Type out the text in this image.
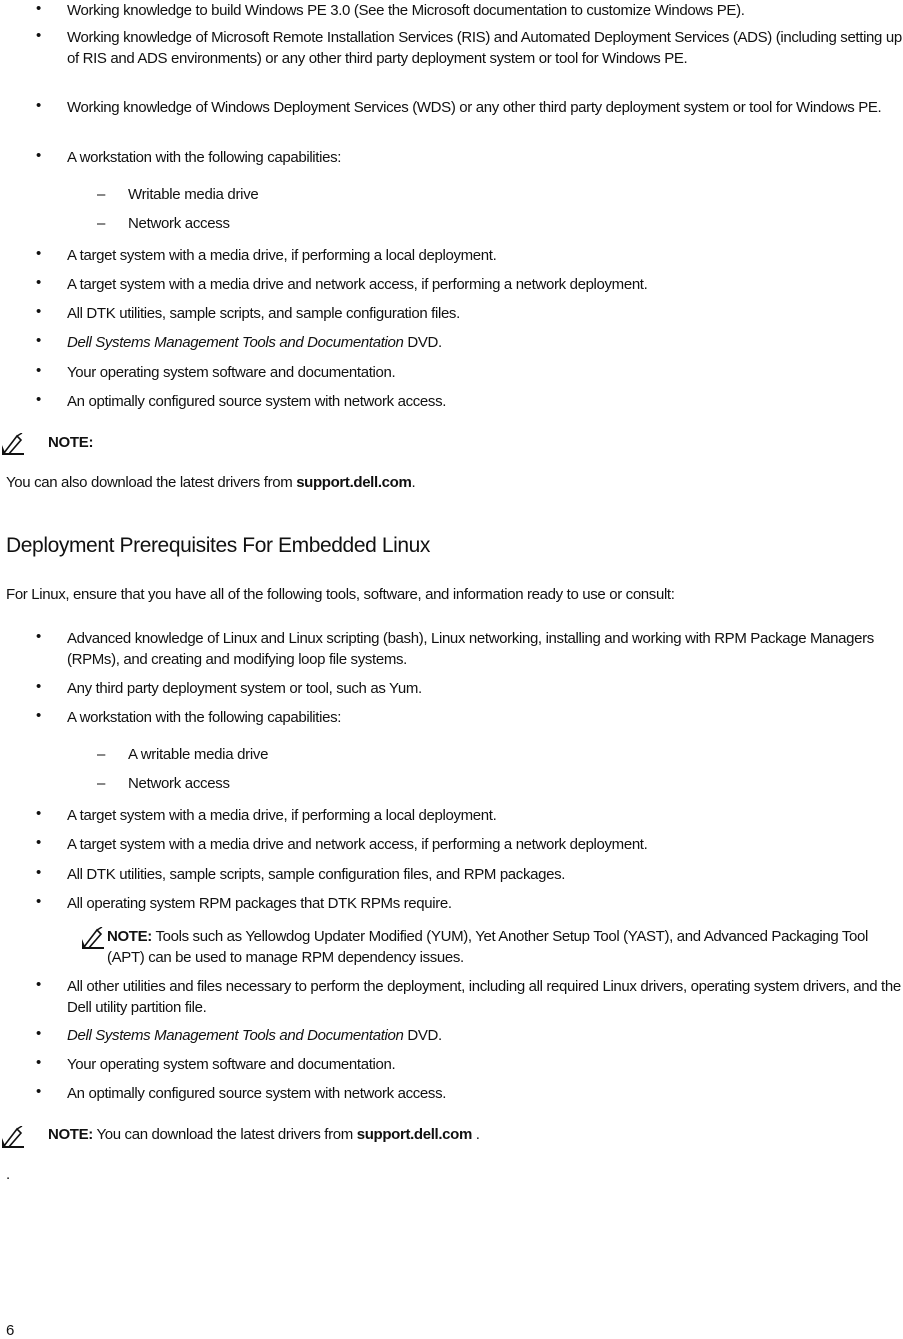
• Working knowledge to build Windows PE 3.0 (See the Microsoft documentation to customize Windows PE).
• Working knowledge of Microsoft Remote Installation Services (RIS) and Automated Deployment Services (ADS) (including setting up of RIS and ADS environments) or any other third party deployment system or tool for Windows PE.
• Working knowledge of Windows Deployment Services (WDS) or any other third party deployment system or tool for Windows PE.
• A workstation with the following capabilities:
– Writable media drive
– Network access
• A target system with a media drive, if performing a local deployment.
• A target system with a media drive and network access, if performing a network deployment.
• All DTK utilities, sample scripts, and sample configuration files.
• Dell Systems Management Tools and Documentation DVD.
• Your operating system software and documentation.
• An optimally configured source system with network access.
NOTE:
You can also download the latest drivers from support.dell.com.
Deployment Prerequisites For Embedded Linux
For Linux, ensure that you have all of the following tools, software, and information ready to use or consult:
• Advanced knowledge of Linux and Linux scripting (bash), Linux networking, installing and working with RPM Package Managers (RPMs), and creating and modifying loop file systems.
• Any third party deployment system or tool, such as Yum.
• A workstation with the following capabilities:
– A writable media drive
– Network access
• A target system with a media drive, if performing a local deployment.
• A target system with a media drive and network access, if performing a network deployment.
• All DTK utilities, sample scripts, sample configuration files, and RPM packages.
• All operating system RPM packages that DTK RPMs require.
NOTE: Tools such as Yellowdog Updater Modified (YUM), Yet Another Setup Tool (YAST), and Advanced Packaging Tool (APT) can be used to manage RPM dependency issues.
• All other utilities and files necessary to perform the deployment, including all required Linux drivers, operating system drivers, and the Dell utility partition file.
• Dell Systems Management Tools and Documentation DVD.
• Your operating system software and documentation.
• An optimally configured source system with network access.
NOTE: You can download the latest drivers from support.dell.com .
.
6
